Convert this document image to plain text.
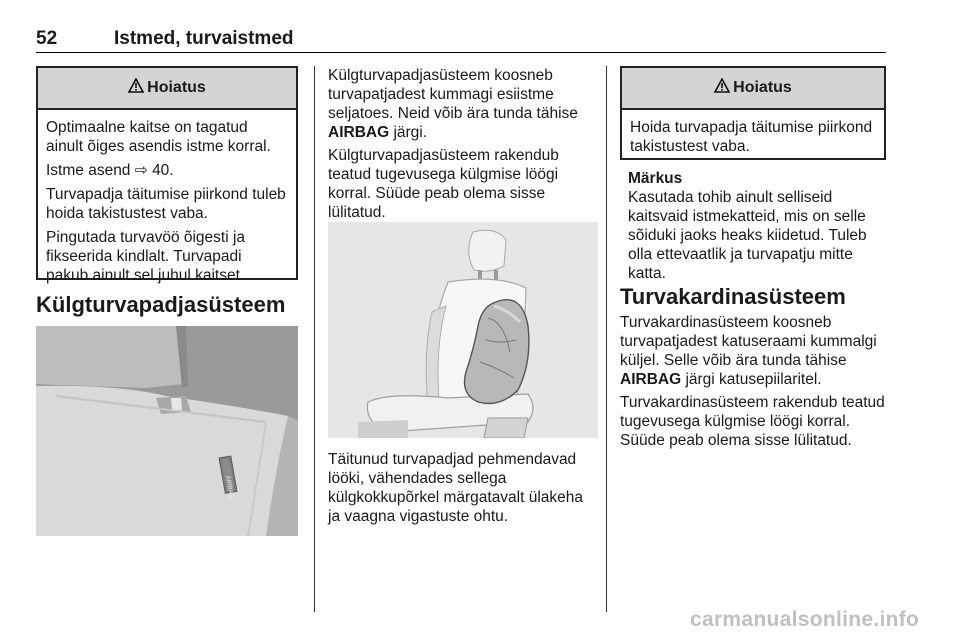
52	Istmed, turvaistmed
Hoiatus

Optimaalne kaitse on tagatud ainult õiges asendis istme korral.

Istme asend ⇨ 40.

Turvapadja täitumise piirkond tuleb hoida takistustest vaba.

Pingutada turvavöö õigesti ja fikseerida kindlalt. Turvapadi pakub ainult sel juhul kaitset.

Külgturvapadjasüsteem
AIRBAG

Külgturvapadjasüsteem koosneb turvapatjadest kummagi esiistme seljatoes. Neid võib ära tunda tähise AIRBAG järgi.

Külgturvapadjasüsteem rakendub teatud tugevusega külgmise löögi korral. Süüde peab olema sisse lülitatud.

Täitunud turvapadjad pehmendavad lööki, vähendades sellega külgkokkupõrkel märgatavalt ülakeha ja vaagna vigastuste ohtu.

Hoiatus

Hoida turvapadja täitumise piirkond takistustest vaba.

Märkus
Kasutada tohib ainult selliseid kaitsvaid istmekatteid, mis on selle sõiduki jaoks heaks kiidetud. Tuleb olla ettevaatlik ja turvapatju mitte katta.
Turvakardinasüsteem

Turvakardinasüsteem koosneb turvapatjadest katuseraami kummalgi küljel. Selle võib ära tunda tähise AIRBAG järgi katusepiilaritel.

Turvakardinasüsteem rakendub teatud tugevusega külgmise löögi korral. Süüde peab olema sisse lülitatud.

carmanualsonline.info
